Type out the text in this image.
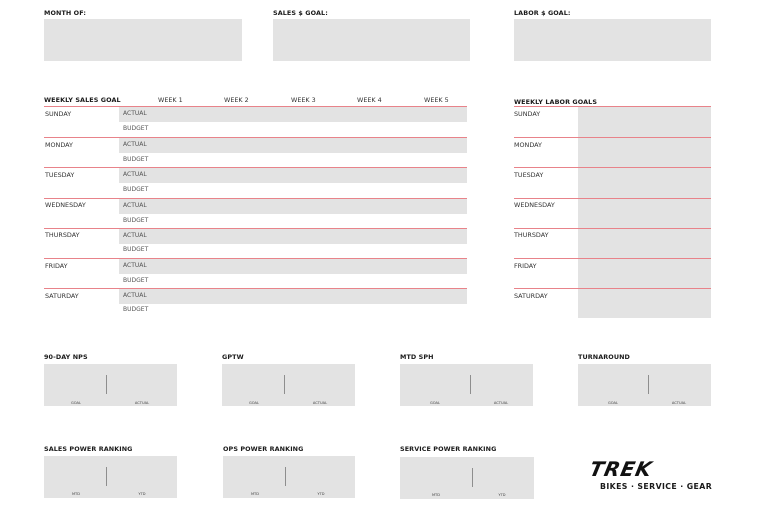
MONTH OF:	SALES $ GOAL:	LABOR $ GOAL:
WEEKLY SALES GOAL	WEEK 1	WEEK 2	WEEK 3	WEEK 4	WEEK 5
SUNDAY	ACTUAL
BUDGET
MONDAY	ACTUAL
BUDGET
TUESDAY	ACTUAL
BUDGET
WEDNESDAY	ACTUAL
BUDGET
THURSDAY	ACTUAL
BUDGET
FRIDAY	ACTUAL
BUDGET
SATURDAY	ACTUAL
BUDGET
WEEKLY LABOR GOALS
SUNDAY
MONDAY
TUESDAY
WEDNESDAY
THURSDAY
FRIDAY
SATURDAY
90-DAY NPS
GOAL	ACTUAL
GPTW
GOAL	ACTUAL
MTD SPH
GOAL	ACTUAL
TURNAROUND
GOAL	ACTUAL
SALES POWER RANKING
MTD	YTD
OPS POWER RANKING
MTD	YTD
SERVICE POWER RANKING
MTD	YTD
TREK
BIKES · SERVICE · GEAR
